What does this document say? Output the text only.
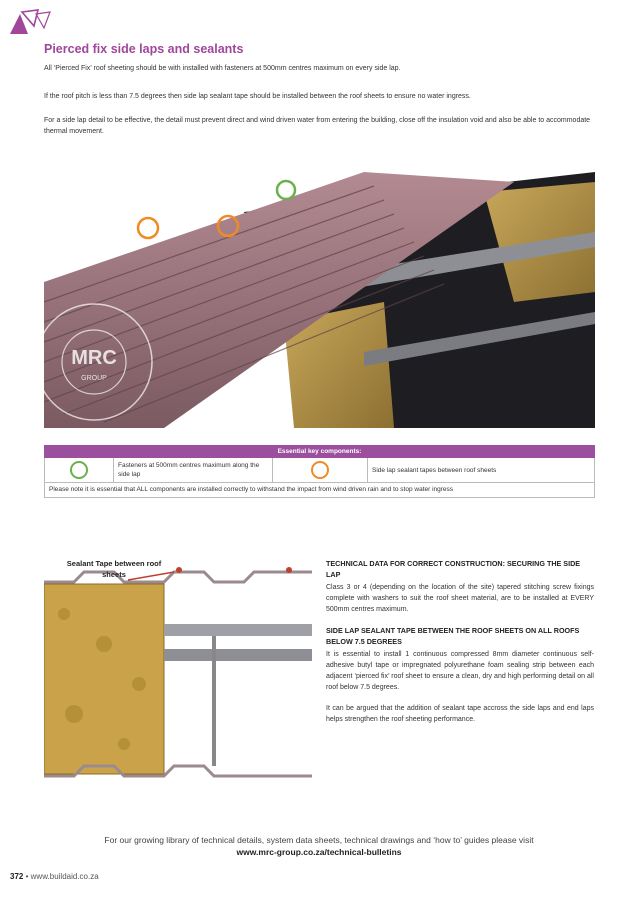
Pierced fix side laps and sealants
All ‘Pierced Fix’ roof sheeting should be with installed with fasteners at 500mm centres maximum on every side lap.
If the roof pitch is less than 7.5 degrees then side lap sealant tape should be installed between the roof sheets to ensure no water ingress.
For a side lap detail to be effective, the detail must prevent direct and wind driven water from entering the building, close off the insulation void and also be able to accommodate thermal movement.
MRC
GROUP
Essential key components:
Fasteners at 500mm centres maximum along the side lap
Side lap sealant tapes between roof sheets
Please note it is essential that ALL components are installed correctly to withstand the impact from wind driven rain and to stop water ingress
Sealant Tape between roof sheets

TECHNICAL DATA FOR CORRECT CONSTRUCTION: SECURING THE SIDE LAP

Class 3 or 4 (depending on the location of the site) tapered stitching screw fixings complete with washers to suit the roof sheet material, are to be installed at EVERY 500mm centres maximum.

SIDE LAP SEALANT TAPE BETWEEN THE ROOF SHEETS ON ALL ROOFS BELOW 7.5 DEGREES

It is essential to install 1 continuous compressed 8mm diameter continuous self-adhesive butyl tape or impregnated polyurethane foam sealing strip between each adjacent ‘pierced fix’ roof sheet to ensure a clean, dry and high performing detail on all roof below 7.5 degrees.

It can be argued that the addition of sealant tape accross the side laps and end laps helps strengthen the roof sheeting performance.

For our growing library of technical details, system data sheets, technical drawings and ‘how to’ guides please visit
www.mrc-group.co.za/technical-bulletins
372 • www.buildaid.co.za
